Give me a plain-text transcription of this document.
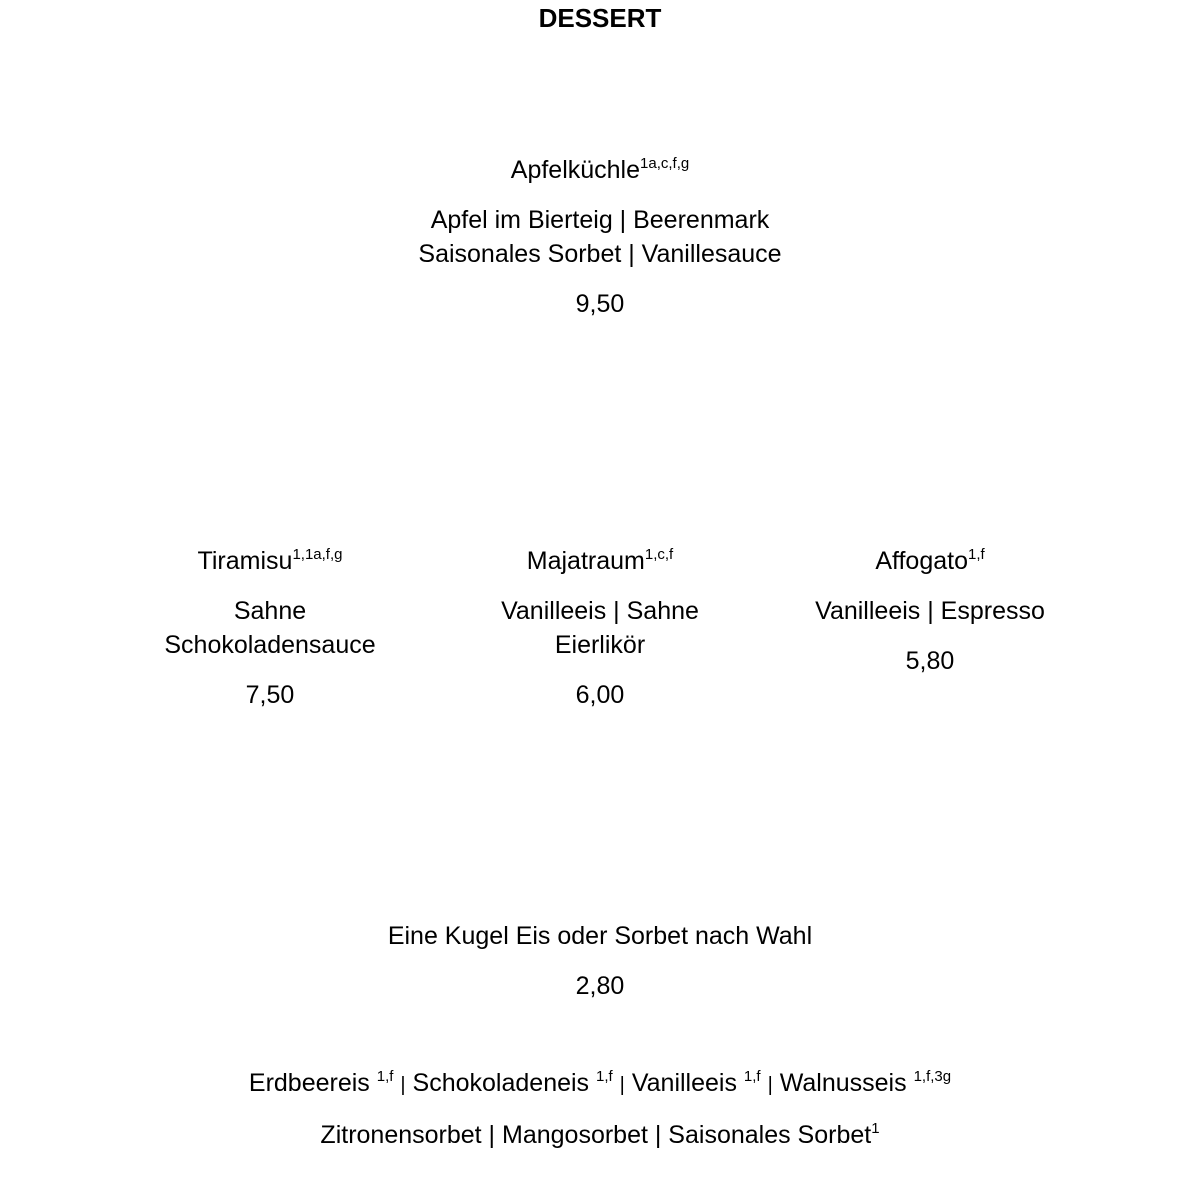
DESSERT
Apfelküchle$^{1a,c,f,g}$
Apfel im Bierteig | Beerenmark
Saisonales Sorbet | Vanillesauce
9,50
Tiramisu$^{1,1a,f,g}$
Sahne
Schokoladensauce
7,50
Majatraum$^{1,c,f}$
Vanilleeis | Sahne
Eierlikör
6,00
Affogato$^{1,f}$
Vanilleeis | Espresso
5,80
Eine Kugel Eis oder Sorbet nach Wahl
2,80
Erdbeereis $^{1,f}$ | Schokoladeneis $^{1,f}$ | Vanilleeis $^{1,f}$ | Walnusseis $^{1,f,3g}$
Zitronensorbet | Mangosorbet | Saisonales Sorbet$^1$
